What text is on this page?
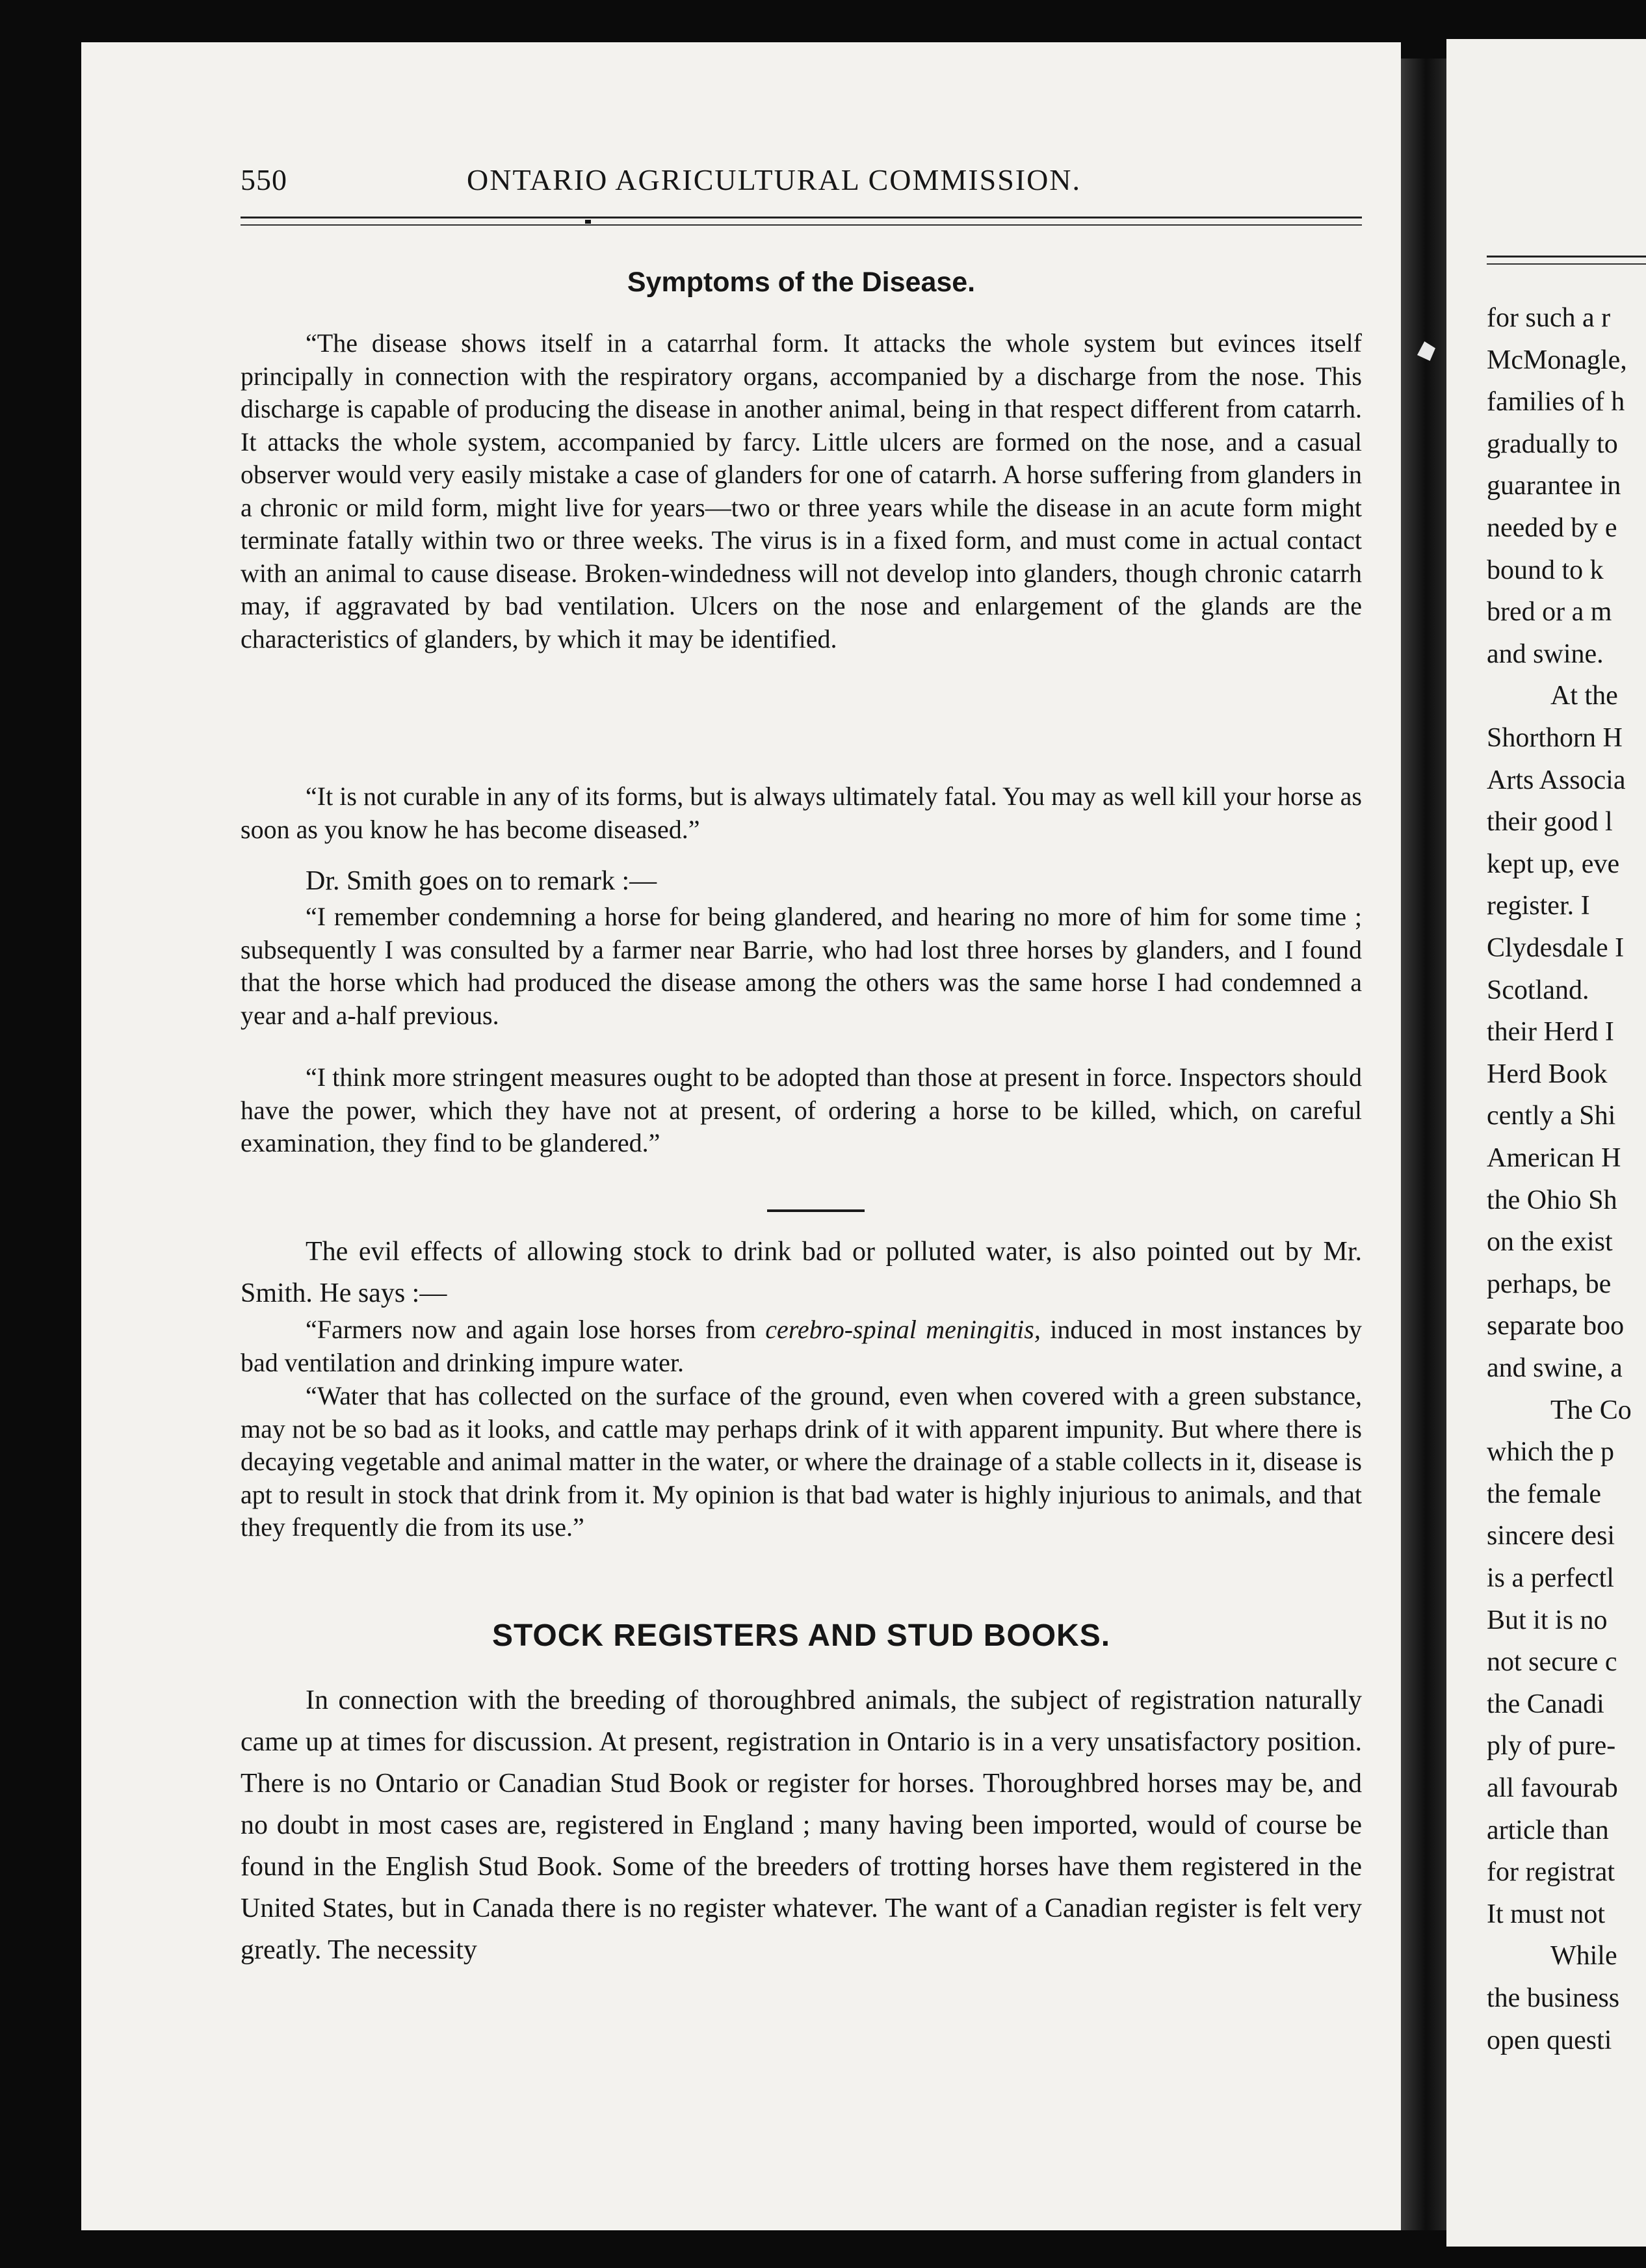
550	ONTARIO AGRICULTURAL COMMISSION.
Symptoms of the Disease.

“The disease shows itself in a catarrhal form. It attacks the whole system but evinces itself principally in connection with the respiratory organs, accompanied by a discharge from the nose. This discharge is capable of producing the disease in another animal, being in that respect different from catarrh. It attacks the whole system, accompanied by farcy. Little ulcers are formed on the nose, and a casual observer would very easily mistake a case of glanders for one of catarrh. A horse suffering from glanders in a chronic or mild form, might live for years—two or three years while the disease in an acute form might terminate fatally within two or three weeks. The virus is in a fixed form, and must come in actual contact with an animal to cause disease. Broken-windedness will not develop into glanders, though chronic catarrh may, if aggravated by bad ventilation. Ulcers on the nose and enlargement of the glands are the characteristics of glanders, by which it may be identified.

“It is not curable in any of its forms, but is always ultimately fatal. You may as well kill your horse as soon as you know he has become diseased.”

Dr. Smith goes on to remark :—

“I remember condemning a horse for being glandered, and hearing no more of him for some time ; subsequently I was consulted by a farmer near Barrie, who had lost three horses by glanders, and I found that the horse which had produced the disease among the others was the same horse I had condemned a year and a-half previous.

“I think more stringent measures ought to be adopted than those at present in force. Inspectors should have the power, which they have not at present, of ordering a horse to be killed, which, on careful examination, they find to be glandered.”

The evil effects of allowing stock to drink bad or polluted water, is also pointed out by Mr. Smith. He says :—

“Farmers now and again lose horses from cerebro-spinal meningitis, induced in most instances by bad ventilation and drinking impure water.

“Water that has collected on the surface of the ground, even when covered with a green substance, may not be so bad as it looks, and cattle may perhaps drink of it with apparent impunity. But where there is decaying vegetable and animal matter in the water, or where the drainage of a stable collects in it, disease is apt to result in stock that drink from it. My opinion is that bad water is highly injurious to animals, and that they frequently die from its use.”

STOCK REGISTERS AND STUD BOOKS.

In connection with the breeding of thoroughbred animals, the subject of registration naturally came up at times for discussion. At present, registration in Ontario is in a very unsatisfactory position. There is no Ontario or Canadian Stud Book or register for horses. Thoroughbred horses may be, and no doubt in most cases are, registered in England ; many having been imported, would of course be found in the English Stud Book. Some of the breeders of trotting horses have them registered in the United States, but in Canada there is no register whatever. The want of a Canadian register is felt very greatly. The necessity

for such a r
McMonagle,
families of h
gradually to
guarantee in
needed by e
bound to k
bred or a m
and swine.
At the
Shorthorn H
Arts Associa
their good l
kept up, eve
register. I
Clydesdale I
Scotland.
their Herd I
Herd Book
cently a Shi
American H
the Ohio Sh
on the exist
perhaps, be
separate boo
and swine, a
The Co
which the p
the female
sincere desi
is a perfectl
But it is no
not secure c
the Canadi
ply of pure-
all favourab
article than
for registrat
It must not
While
the business
open questi
